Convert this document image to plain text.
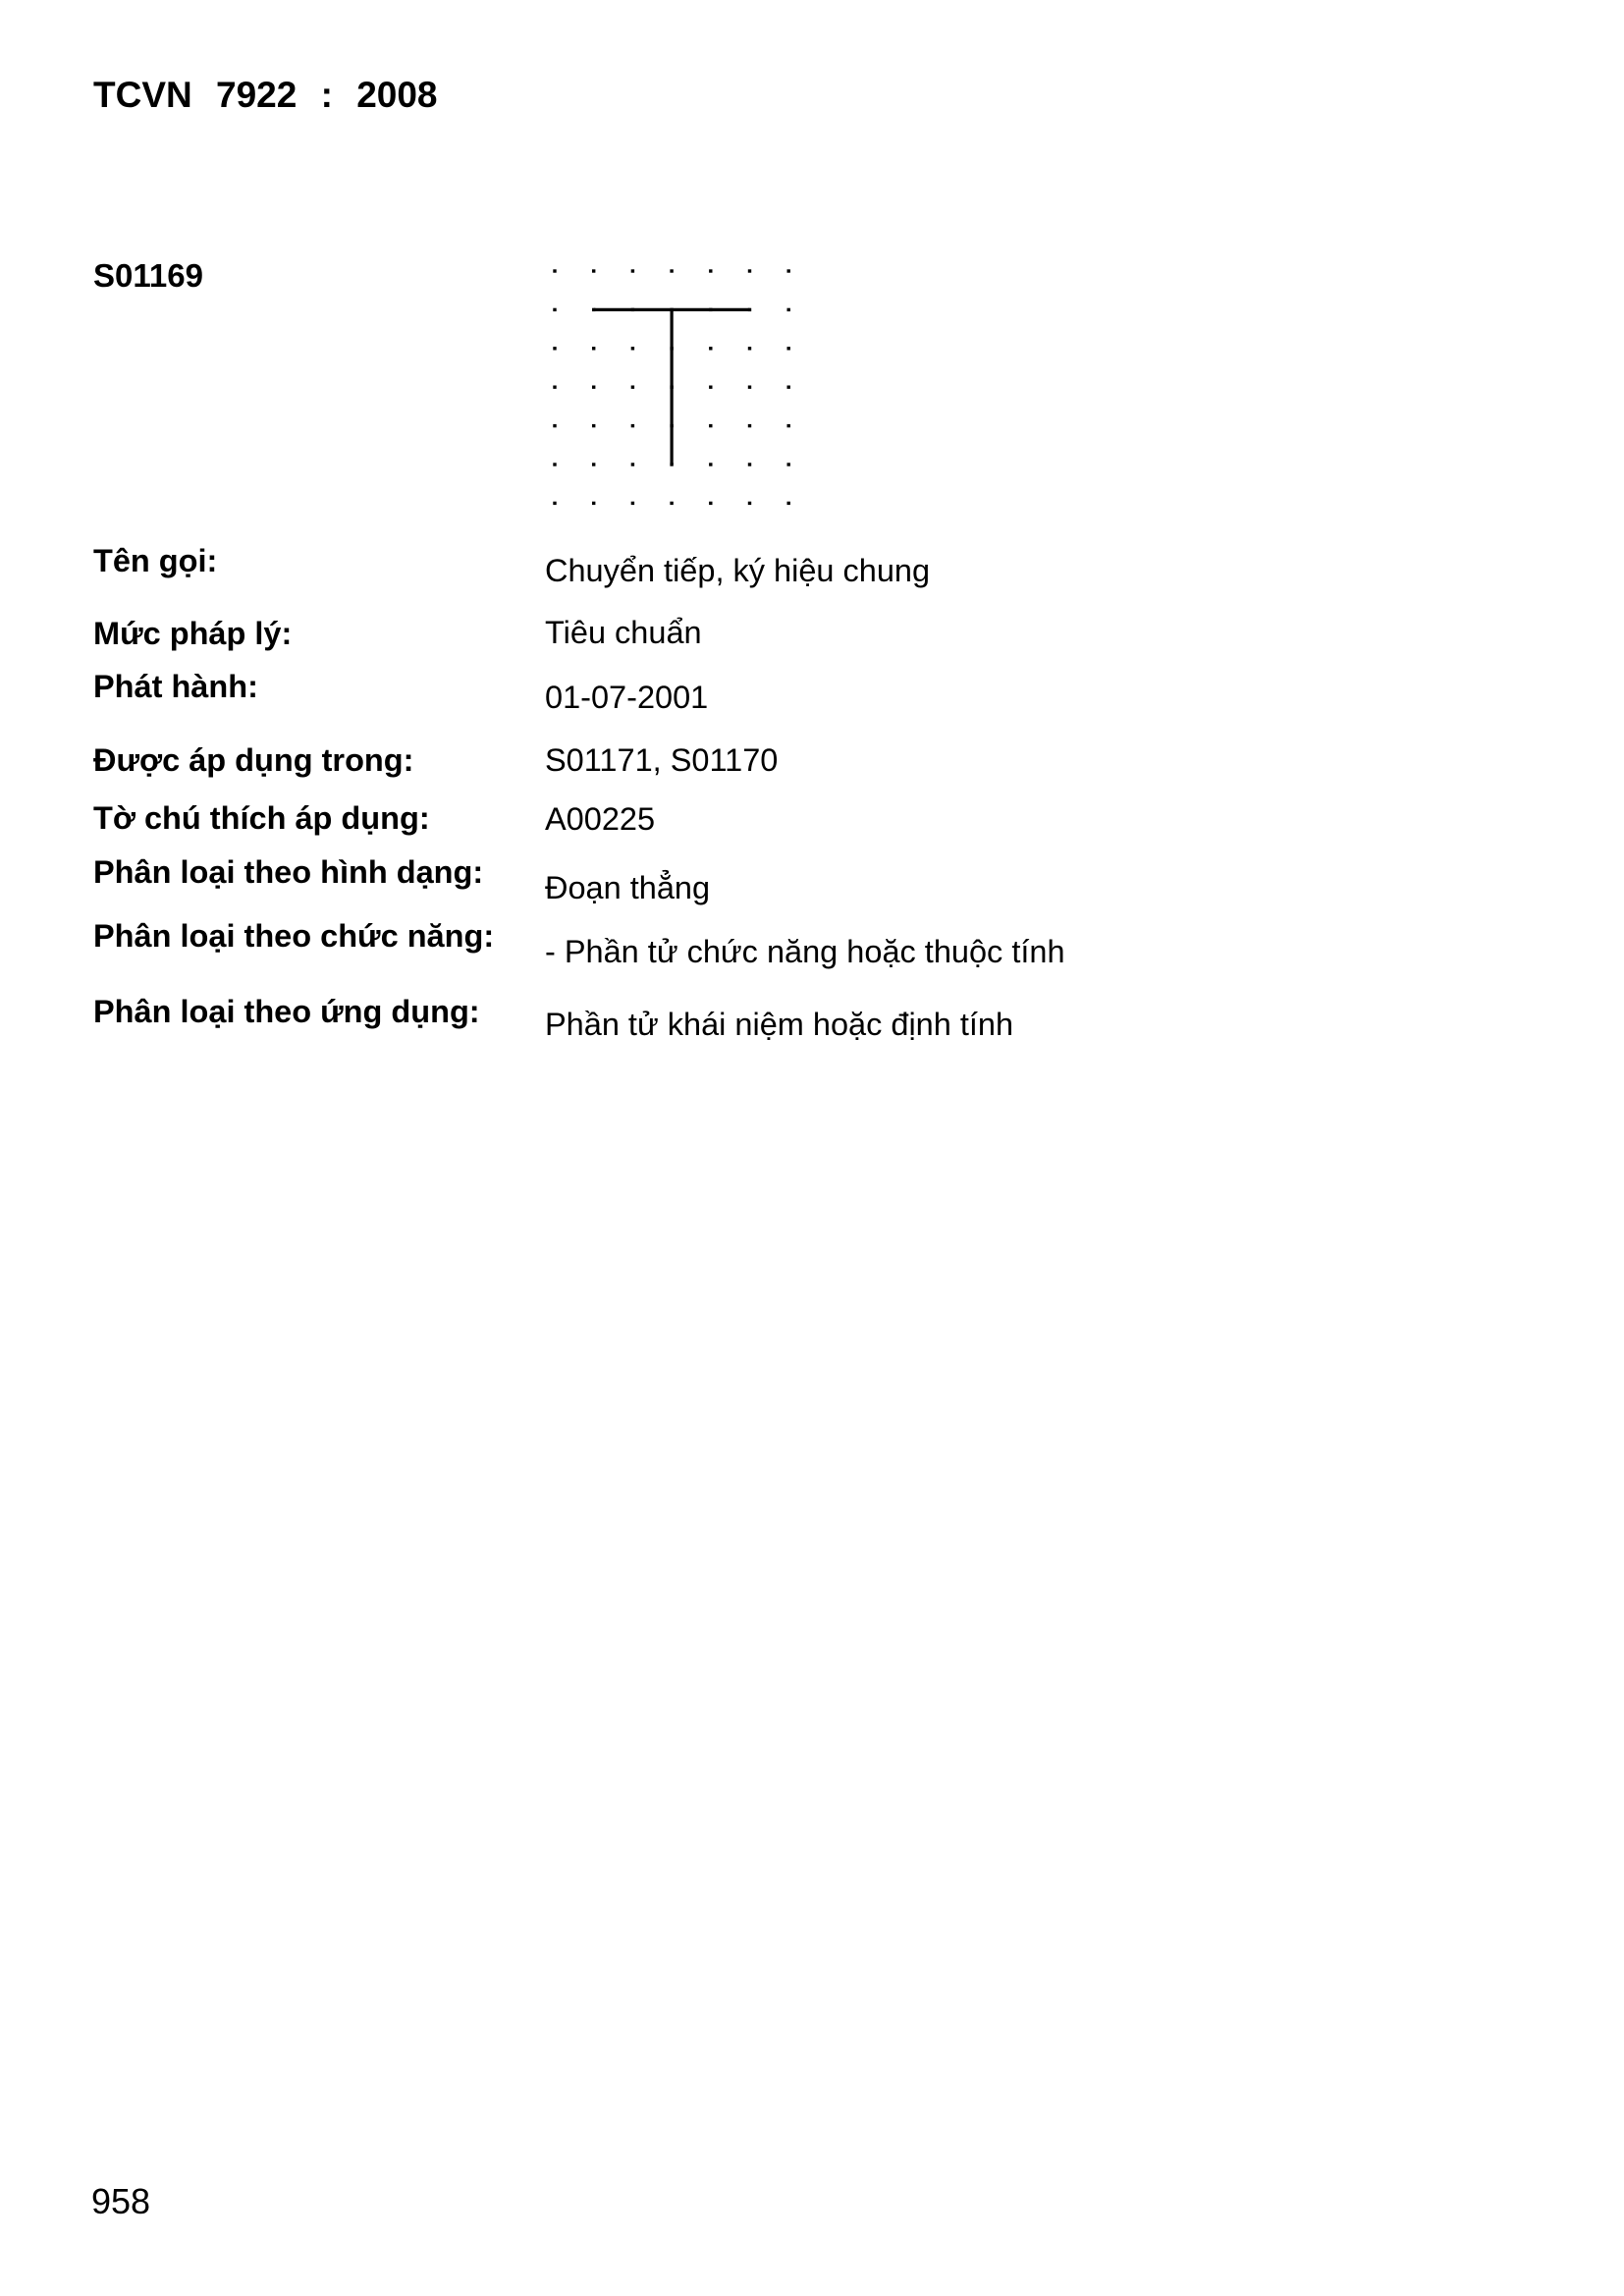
TCVN 7922 : 2008
S01169
Tên gọi:	Chuyển tiếp, ký hiệu chung
Mức pháp lý:	Tiêu chuẩn
Phát hành:	01-07-2001
Được áp dụng trong:	S01171, S01170
Tờ chú thích áp dụng:	A00225
Phân loại theo hình dạng: Đoạn thẳng
Phân loại theo chức năng: - Phần tử chức năng hoặc thuộc tính
Phân loại theo ứng dụng: Phần tử khái niệm hoặc định tính
958
